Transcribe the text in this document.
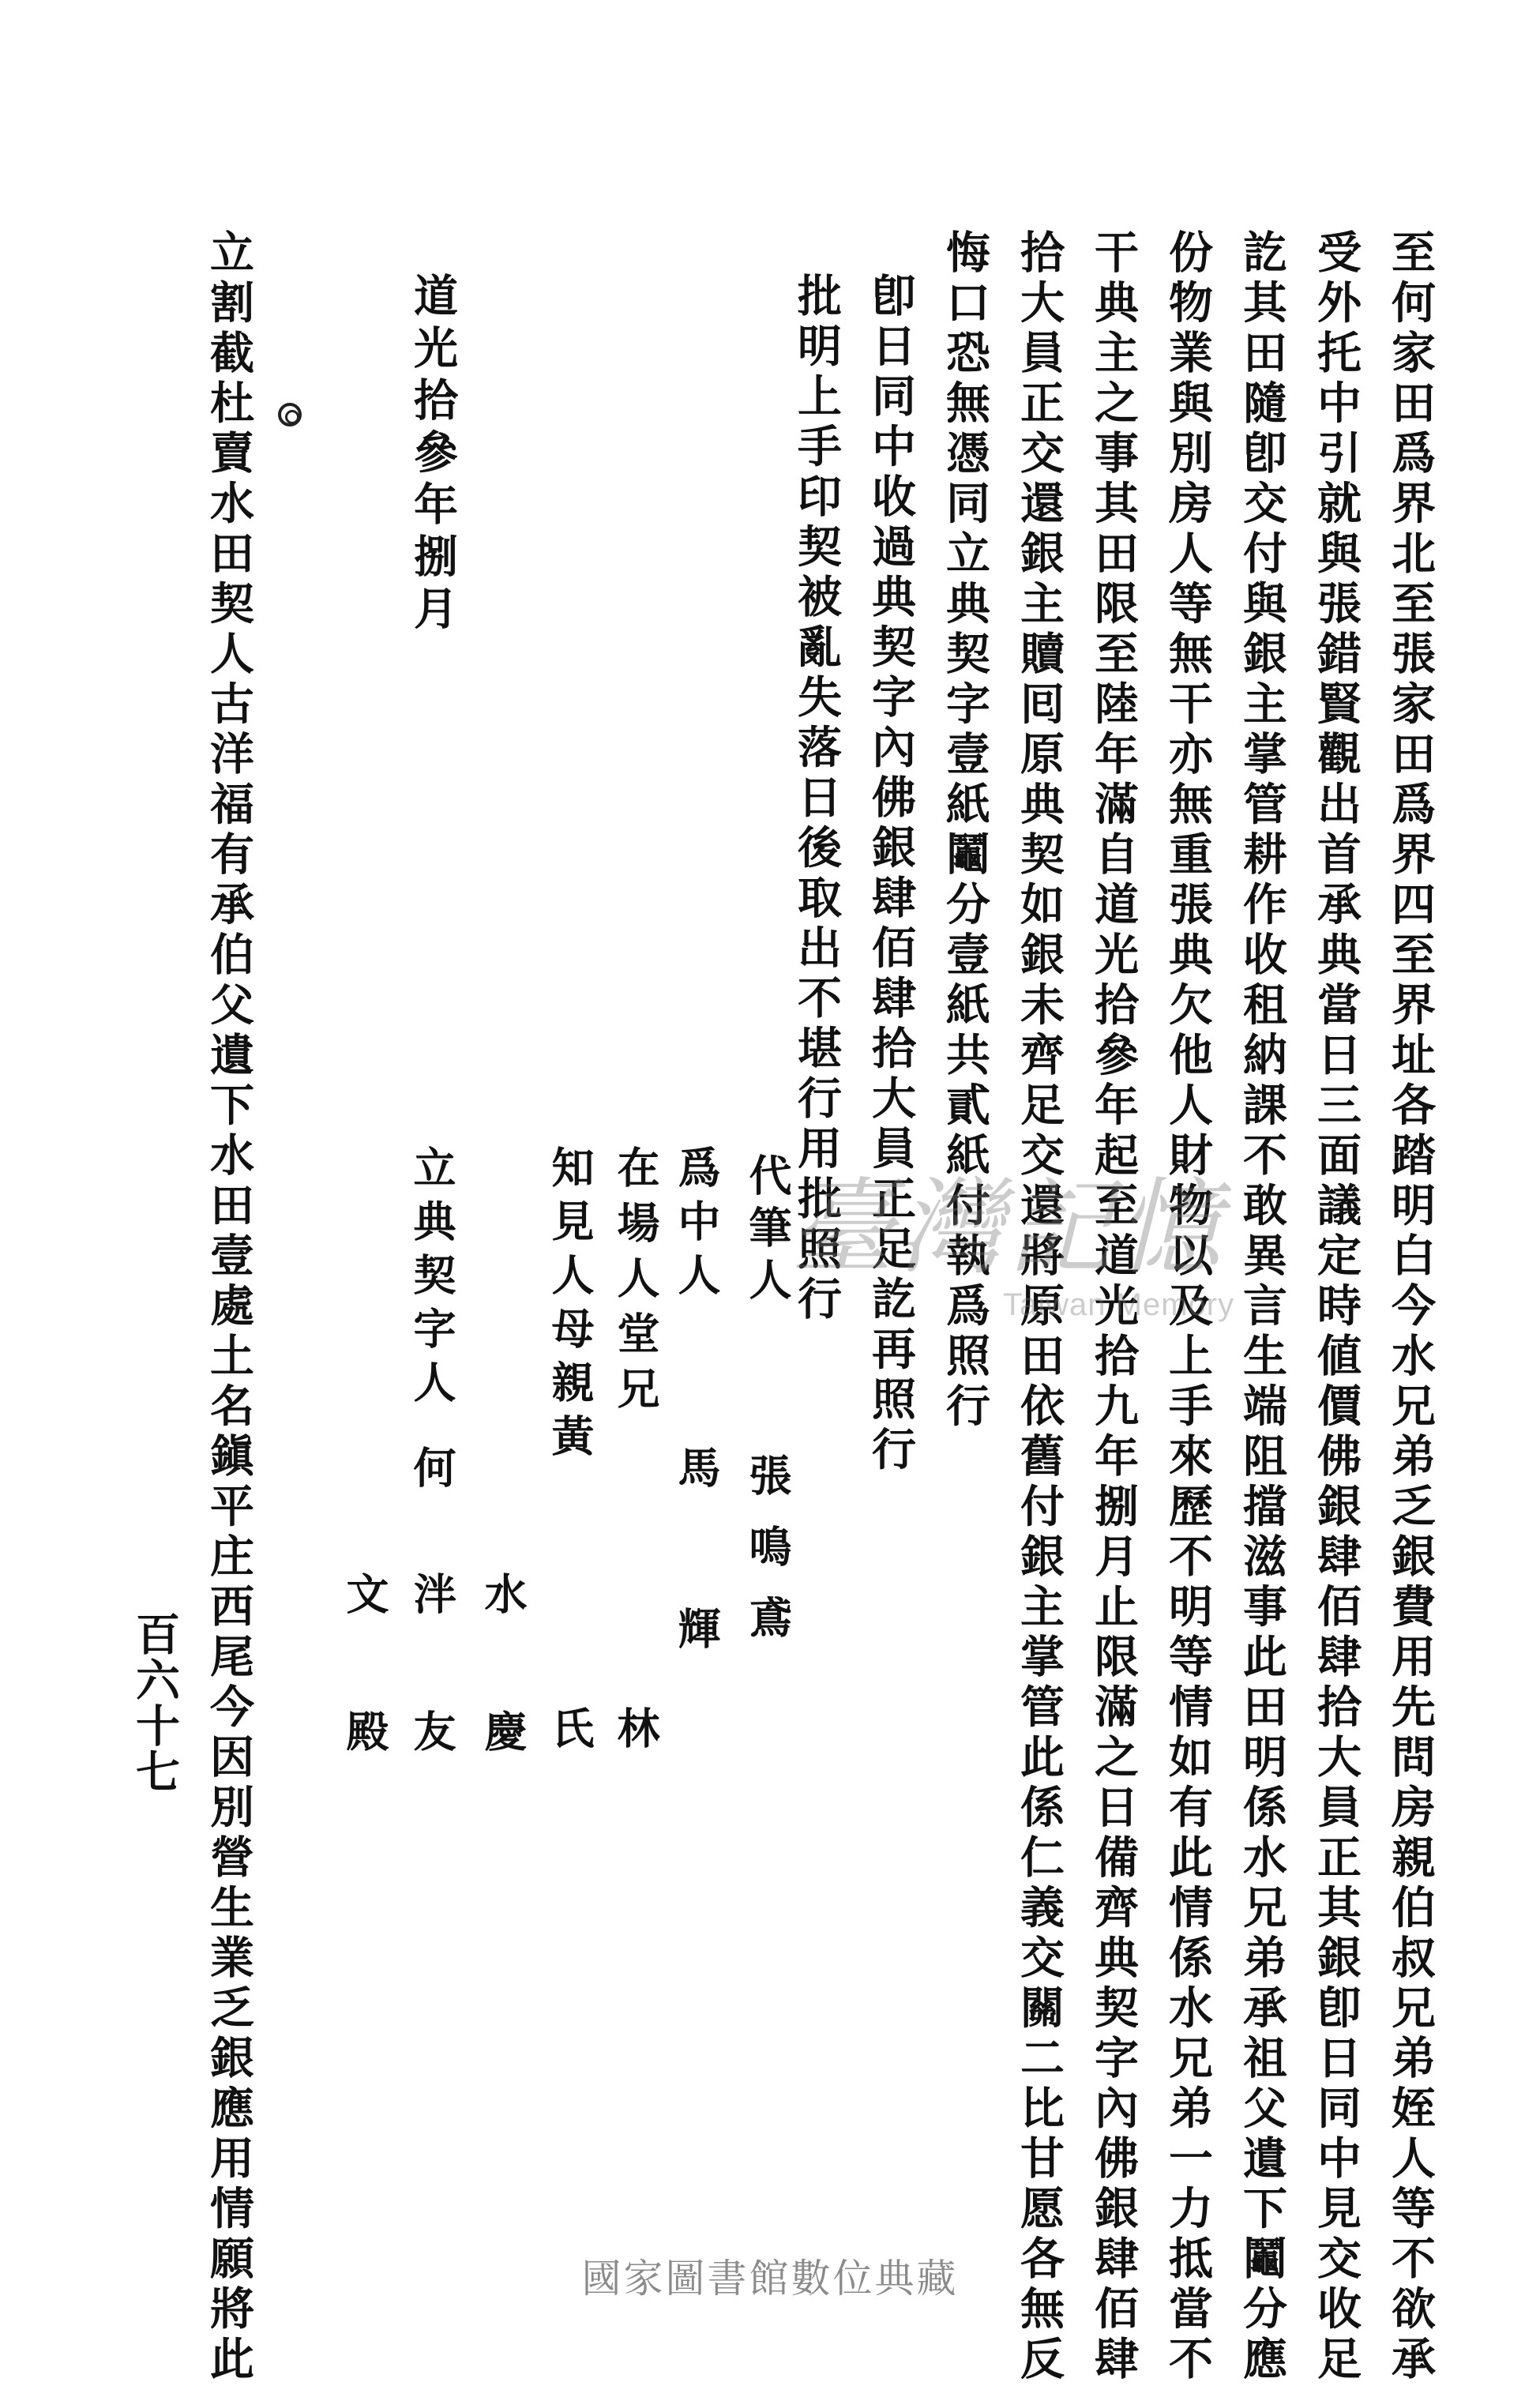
至何家田爲界北至張家田爲界四至界址各踏明白今水兄弟乏銀費用先問房親伯叔兄弟姪人等不欲承
受外托中引就與張錯賢觀出首承典當日三面議定時値價佛銀肆佰肆拾大員正其銀卽日同中見交收足
訖其田隨卽交付與銀主掌管耕作收租納課不敢異言生端阻擋滋事此田明係水兄弟承祖父遺下鬮分應
份物業與別房人等無干亦無重張典欠他人財物以及上手來歷不明等情如有此情係水兄弟一力抵當不
干典主之事其田限至陸年滿自道光拾參年起至道光拾九年捌月止限滿之日備齊典契字內佛銀肆佰肆
拾大員正交還銀主贖囘原典契如銀未齊足交還將原田依舊付銀主掌管此係仁義交關二比甘愿各無反
悔口恐無憑同立典契字壹紙鬮分壹紙共貳紙付執爲照行
卽日同中收過典契字內佛銀肆佰肆拾大員正足訖再照行
批明上手印契被亂失落日後取出不堪行用批照行
代筆人
張鳴鳶
爲中人
馬輝
在場人堂兄
林
知見人母親黃
氏
立典契字人
何
泮友 水慶
文殿
道光拾參年捌月
立割截杜賣水田契人古洋福有承伯父遺下水田壹處土名鎭平庄西尾今因別營生業乏銀應用情願將此
百六十七
臺灣記憶
Taiwan Memory
國家圖書館數位典藏
